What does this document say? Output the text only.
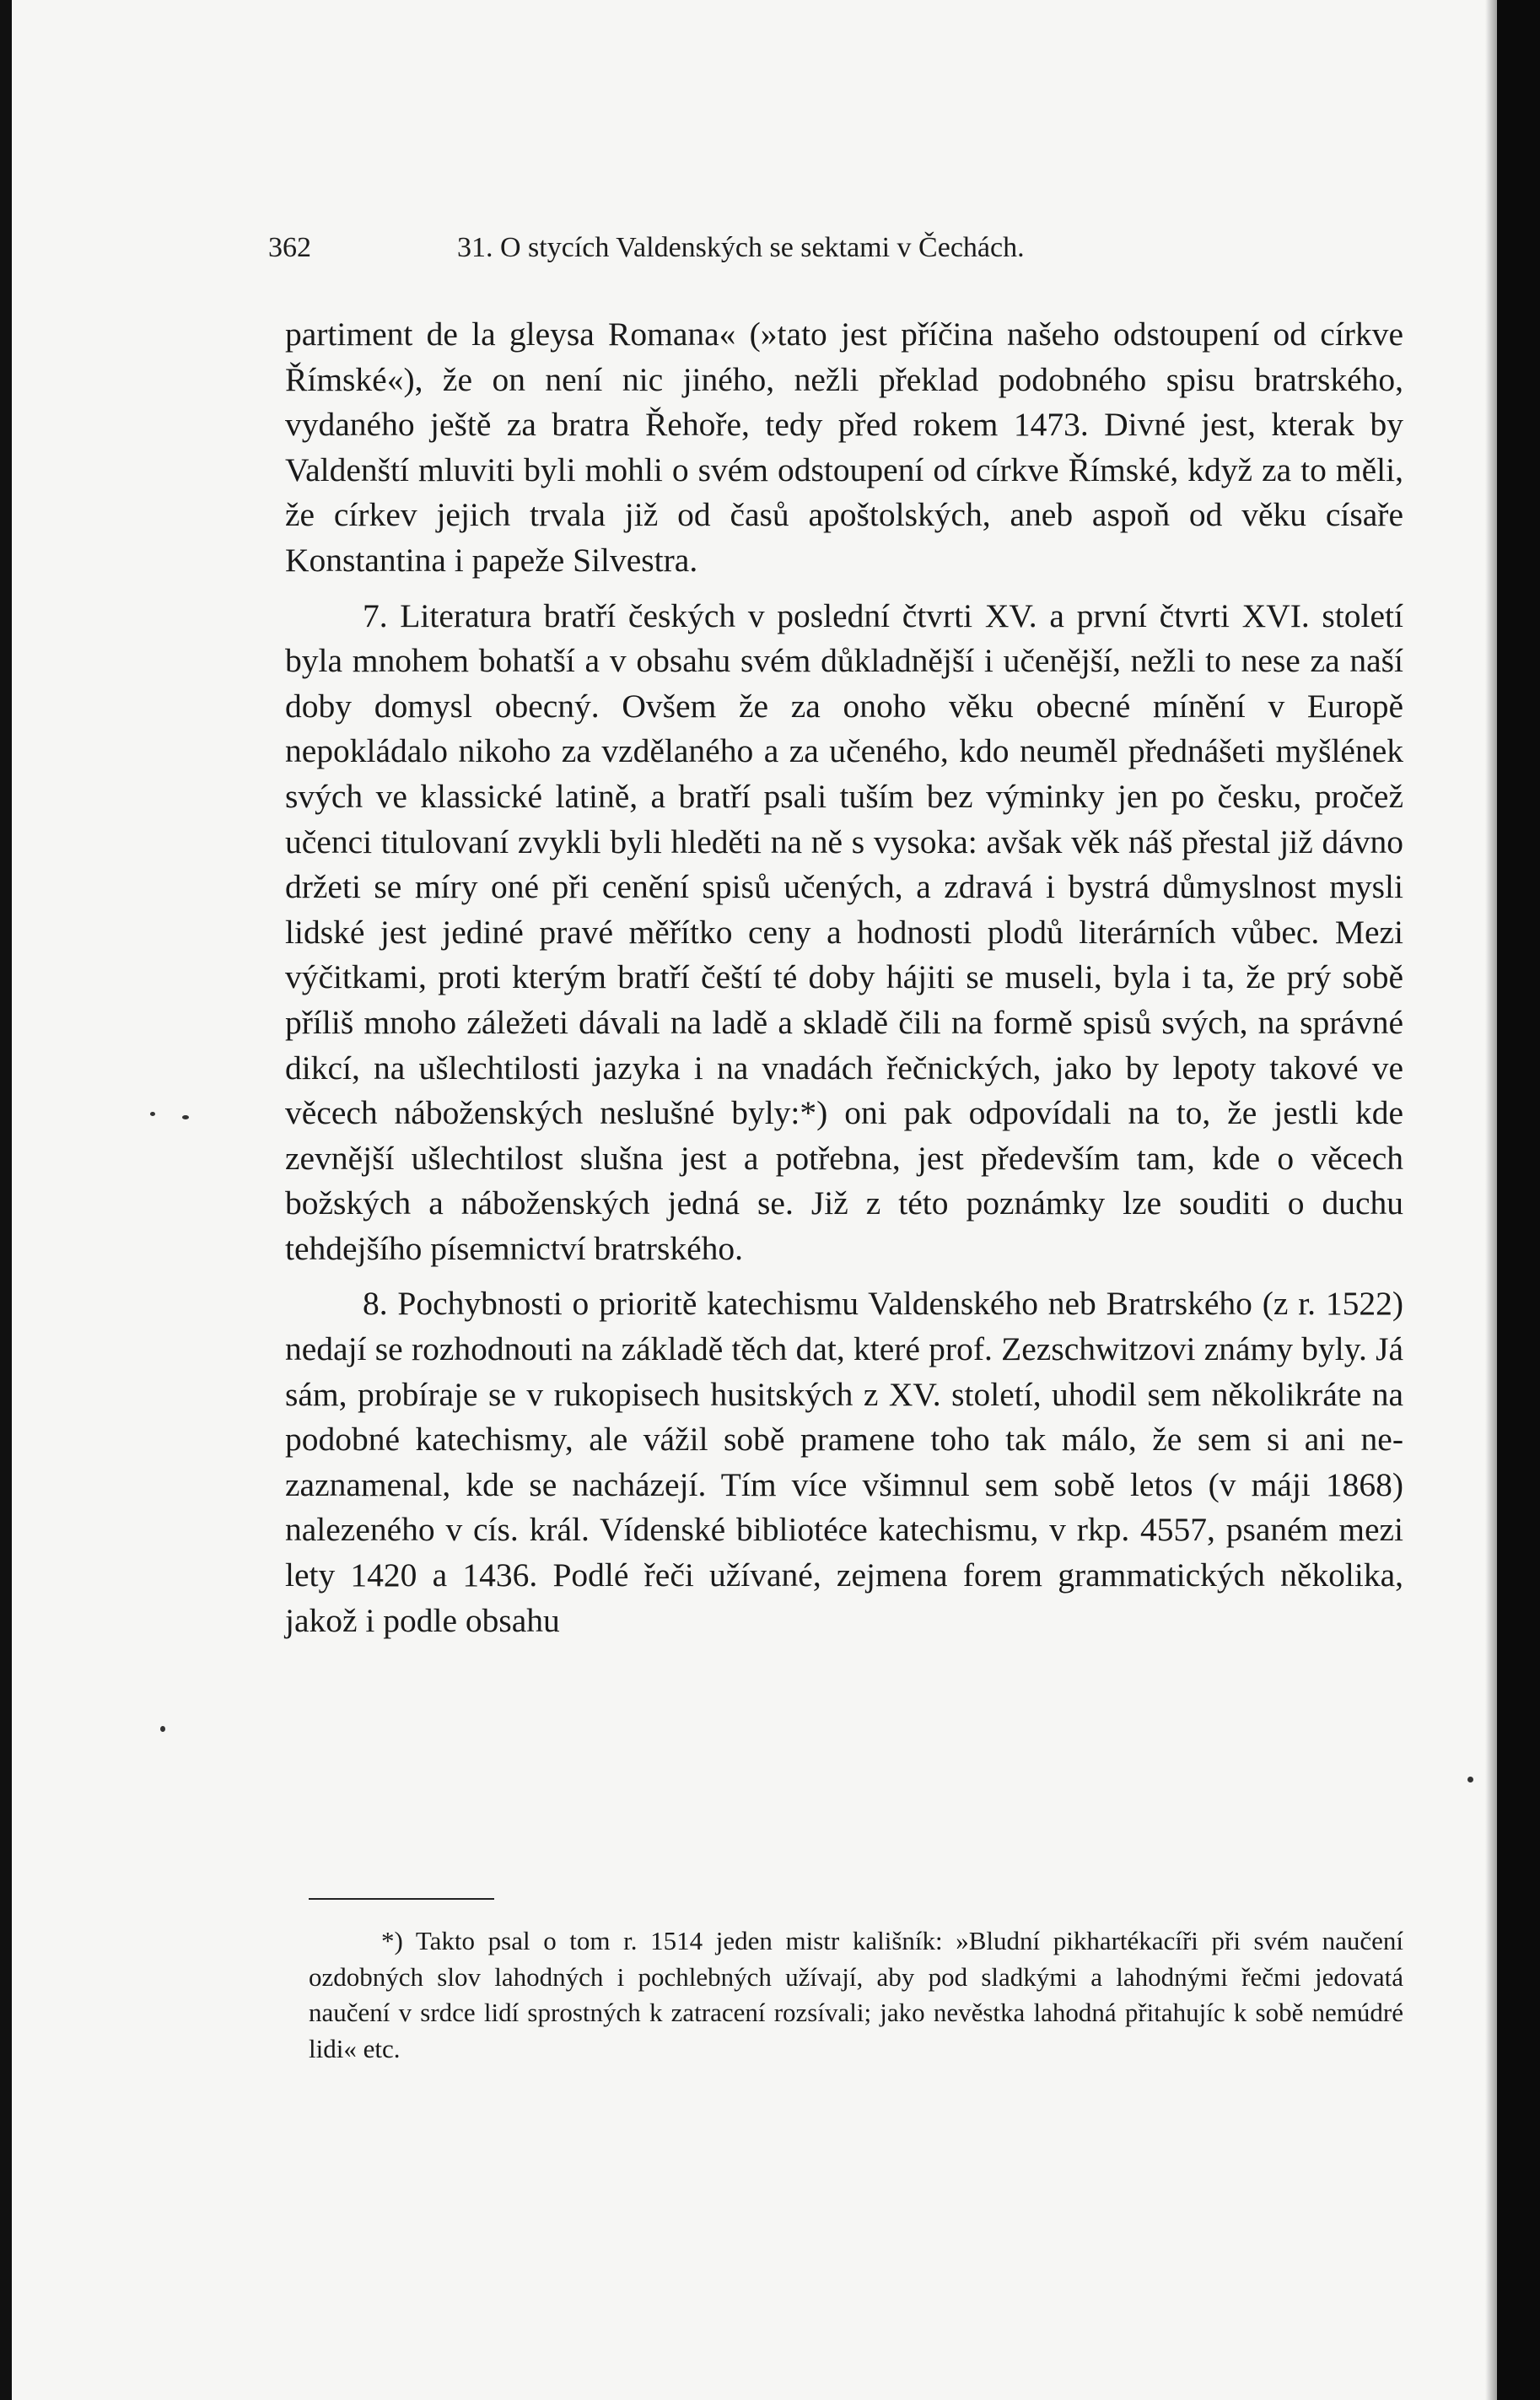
362	31. O stycích Valdenských se sektami v Čechách.

partiment de la gleysa Romana« (»tato jest příčina našeho odstoupení od církve Římské«), že on není nic jiného, nežli překlad podobného spisu bratrského, vydaného ještě za bratra Řehoře, tedy před rokem 1473. Divné jest, kterak by Valdenští mluviti byli mohli o svém odstoupení od církve Římské, když za to měli, že církev jejich trvala již od časů apoštolských, aneb aspoň od věku císaře Konstantina i papeže Silvestra.

7. Literatura bratří českých v poslední čtvrti XV. a první čtvrti XVI. století byla mnohem bohatší a v obsahu svém důkladnější i učenější, nežli to nese za naší doby domysl obecný. Ovšem že za onoho věku obecné mínění v Europě nepokládalo nikoho za vzdělaného a za učeného, kdo neuměl přednášeti myšlének svých ve klassické latině, a bratří psali tuším bez výminky jen po česku, pročež učenci titulovaní zvykli byli hleděti na ně s vysoka: avšak věk náš přestal již dávno držeti se míry oné při cenění spisů učených, a zdravá i bystrá důmyslnost mysli lidské jest jediné pravé měřítko ceny a hodnosti plodů literárních vůbec. Mezi výčitkami, proti kterým bratří čeští té doby hájiti se museli, byla i ta, že prý sobě příliš mnoho záležeti dávali na ladě a skladě čili na formě spisů svých, na správné dikcí, na ušlechtilosti jazyka i na vnadách řečnických, jako by lepoty takové ve věcech náboženských neslušné byly:*) oni pak odpovídali na to, že jestli kde zevnější ušlechtilost slušna jest a potřebna, jest především tam, kde o věcech božských a náboženských jedná se. Již z této poznámky lze souditi o duchu tehdejšího písemnictví bratrského.

8. Pochybnosti o prioritě katechismu Valdenského neb Bratrského (z r. 1522) nedají se rozhodnouti na základě těch dat, které prof. Zezschwitzovi známy byly. Já sám, probíraje se v rukopisech husitských z XV. století, uhodil sem několikráte na podobné katechismy, ale vážil sobě pramene toho tak málo, že sem si ani nezaznamenal, kde se nacházejí. Tím více všimnul sem sobě letos (v máji 1868) nalezeného v cís. král. Vídenské bibliotéce katechismu, v rkp. 4557, psaném mezi lety 1420 a 1436. Podlé řeči užívané, zejmena forem grammatických několika, jakož i podle obsahu

*) Takto psal o tom r. 1514 jeden mistr kališník: »Bludní pikhartékacíři při svém naučení ozdobných slov lahodných i pochlebných užívají, aby pod sladkými a lahodnými řečmi jedovatá naučení v srdce lidí sprostných k zatracení rozsívali; jako nevěstka lahodná přitahujíc k sobě nemúdré lidi« etc.
